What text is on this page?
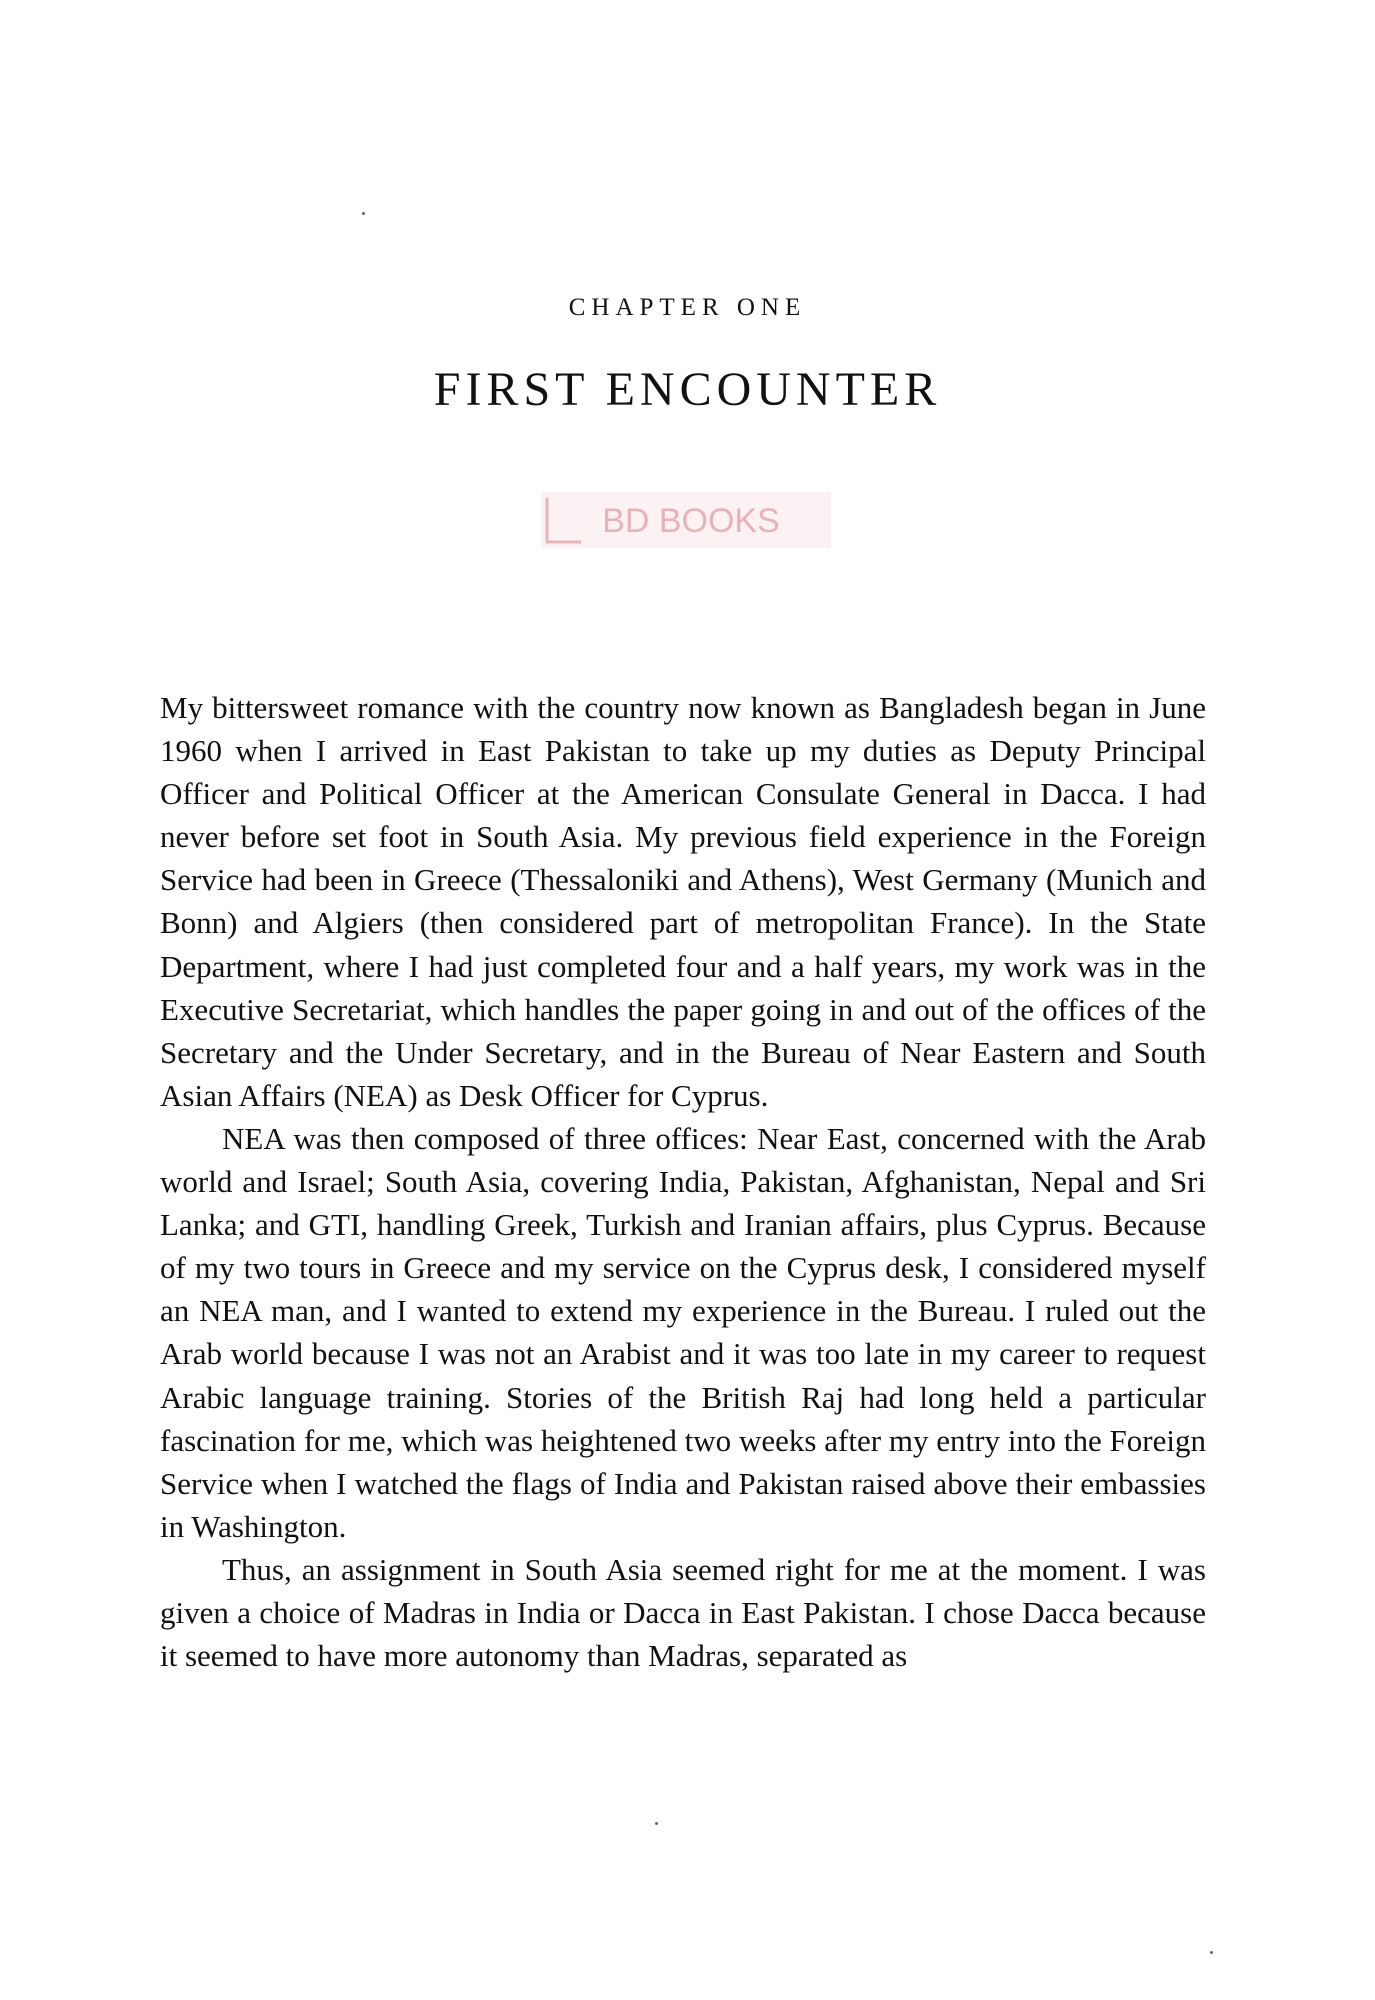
CHAPTER ONE
FIRST ENCOUNTER

My bittersweet romance with the country now known as Bangladesh began in June 1960 when I arrived in East Pakistan to take up my duties as Deputy Principal Officer and Political Officer at the American Consulate General in Dacca. I had never before set foot in South Asia. My previous field experience in the Foreign Service had been in Greece (Thessaloniki and Athens), West Germany (Munich and Bonn) and Algiers (then considered part of metropolitan France). In the State Department, where I had just completed four and a half years, my work was in the Executive Secretariat, which handles the paper going in and out of the offices of the Secretary and the Under Secretary, and in the Bureau of Near Eastern and South Asian Affairs (NEA) as Desk Officer for Cyprus.

NEA was then composed of three offices: Near East, concerned with the Arab world and Israel; South Asia, covering India, Pakistan, Afghanistan, Nepal and Sri Lanka; and GTI, handling Greek, Turkish and Iranian affairs, plus Cyprus. Because of my two tours in Greece and my service on the Cyprus desk, I considered myself an NEA man, and I wanted to extend my experience in the Bureau. I ruled out the Arab world because I was not an Arabist and it was too late in my career to request Arabic language training. Stories of the British Raj had long held a particular fascination for me, which was heightened two weeks after my entry into the Foreign Service when I watched the flags of India and Pakistan raised above their embassies in Washington.

Thus, an assignment in South Asia seemed right for me at the moment. I was given a choice of Madras in India or Dacca in East Pakistan. I chose Dacca because it seemed to have more autonomy than Madras, separated as

BD BOOKS
